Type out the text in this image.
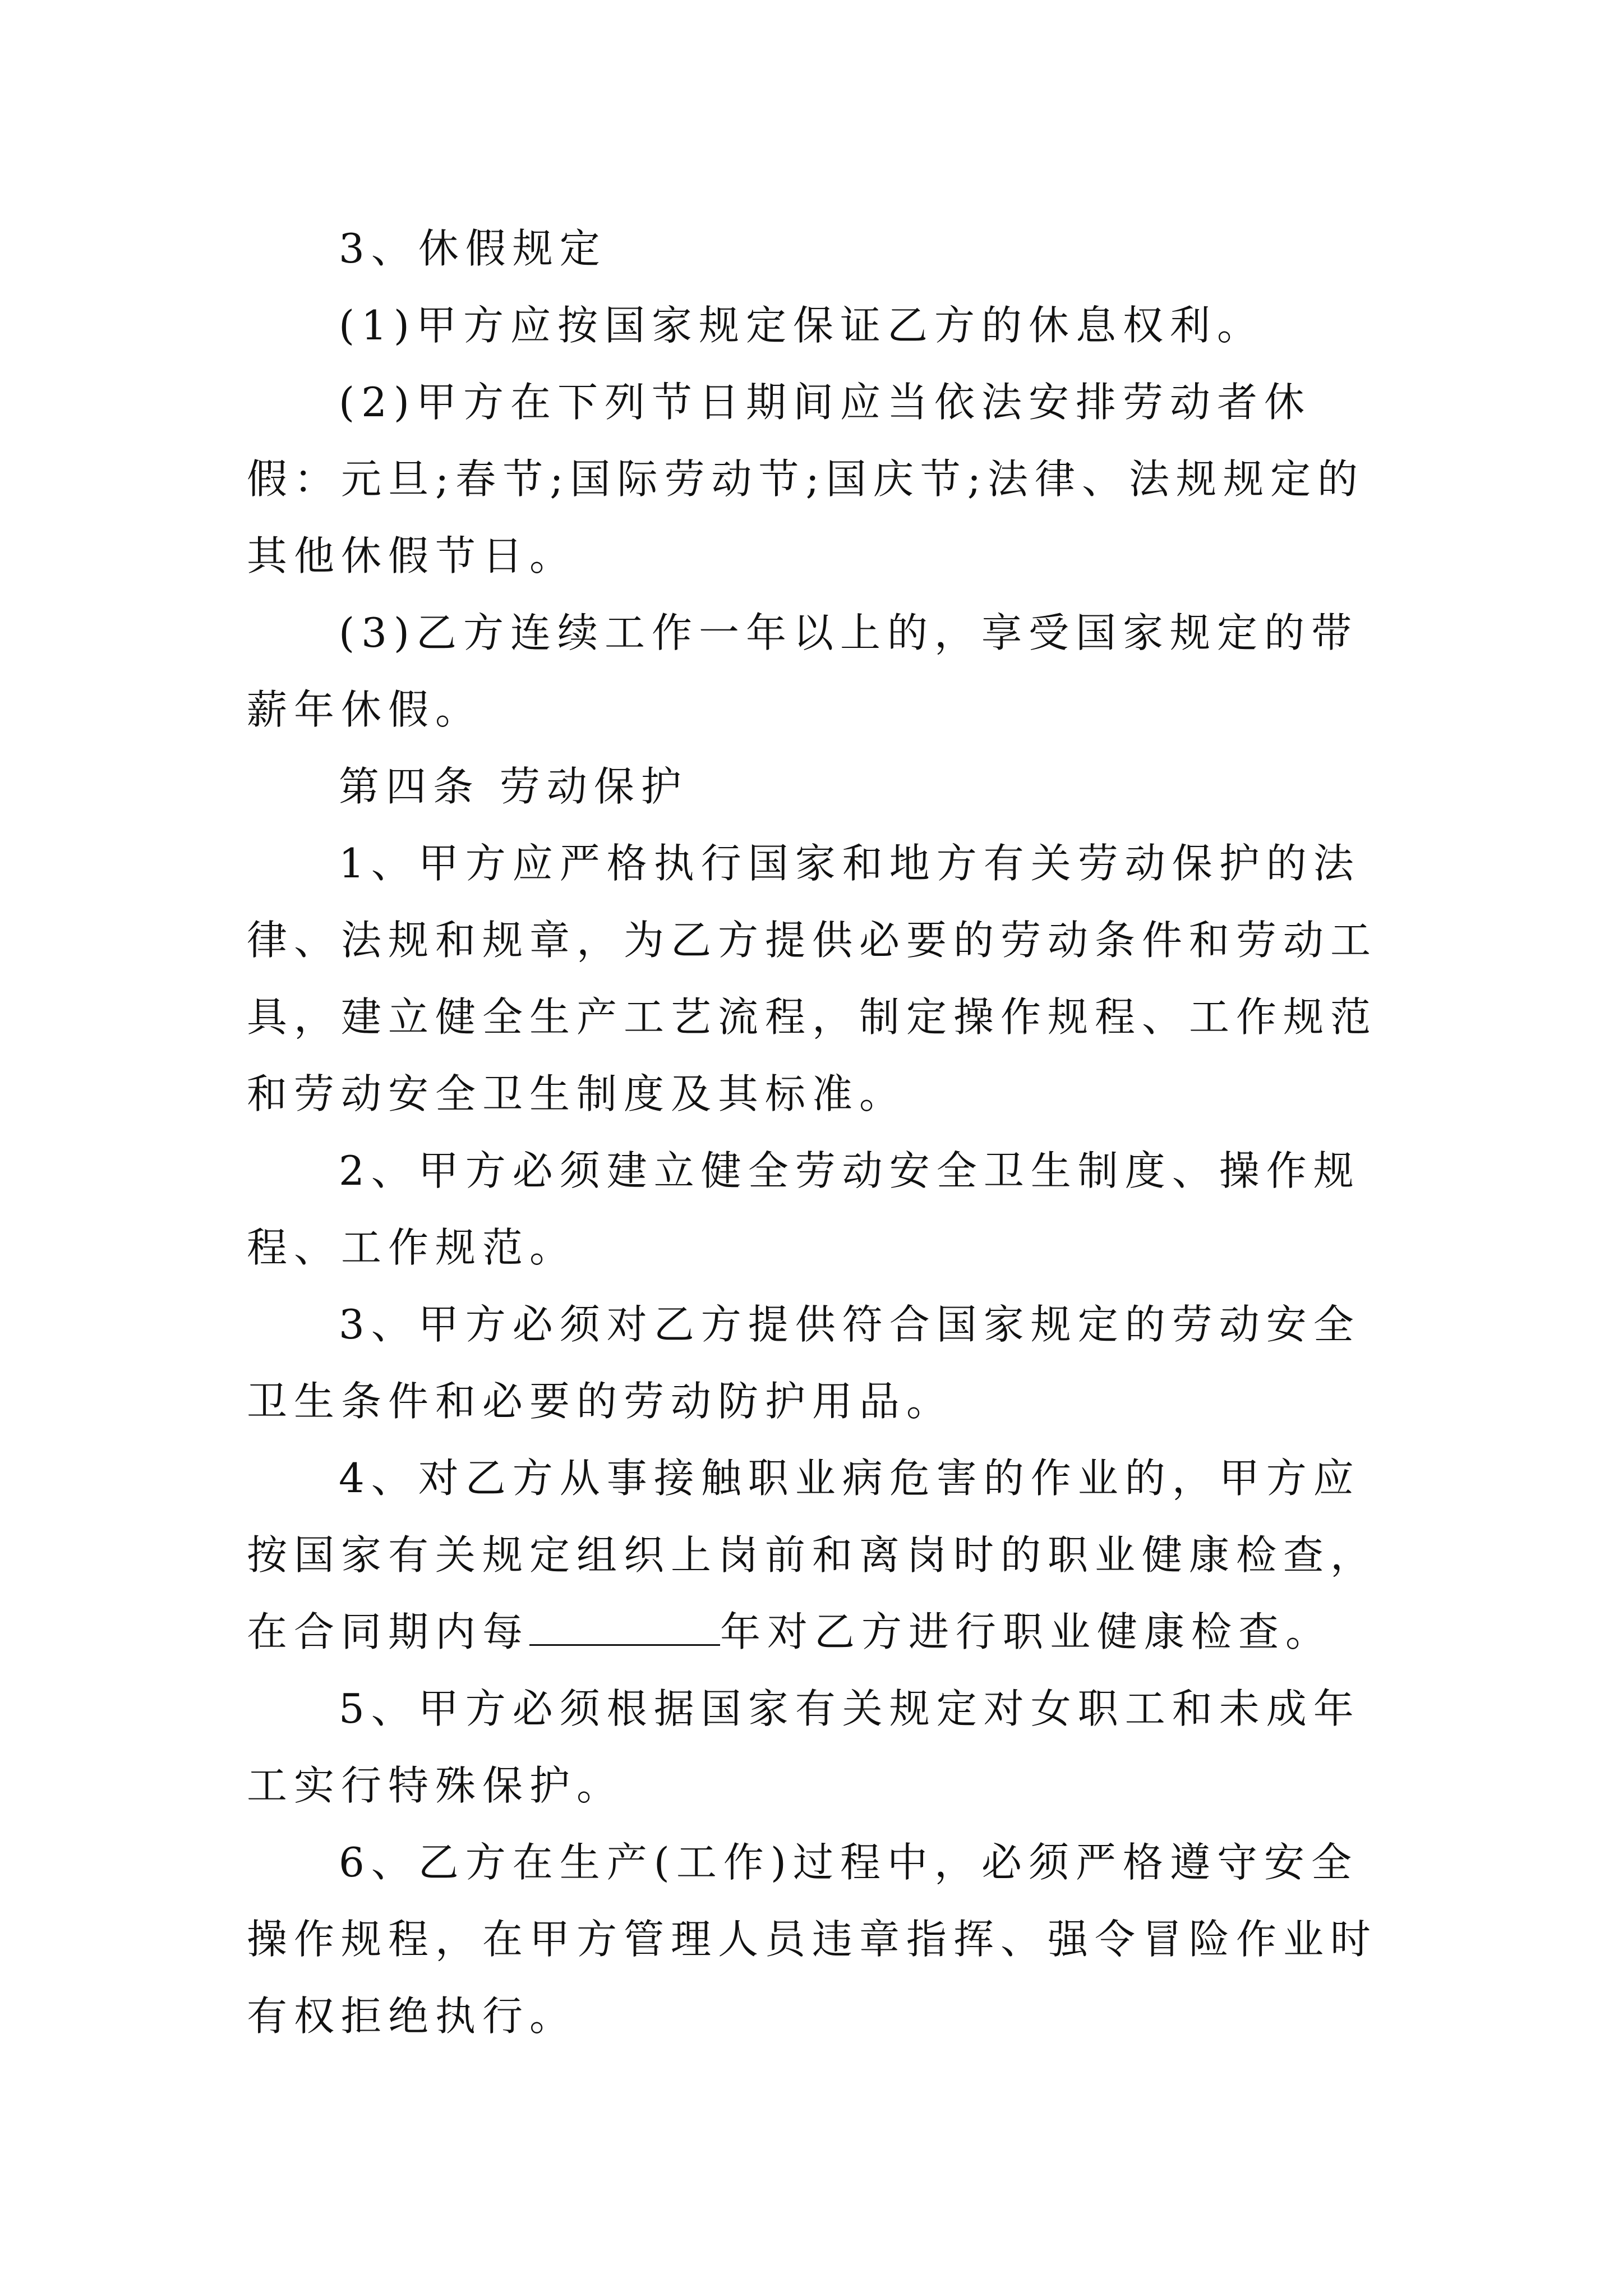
3、休假规定

(1)甲方应按国家规定保证乙方的休息权利。

(2)甲方在下列节日期间应当依法安排劳动者休假：元旦;春节;国际劳动节;国庆节;法律、法规规定的其他休假节日。

(3)乙方连续工作一年以上的，享受国家规定的带薪年休假。

第四条 劳动保护

1、甲方应严格执行国家和地方有关劳动保护的法律、法规和规章，为乙方提供必要的劳动条件和劳动工具，建立健全生产工艺流程，制定操作规程、工作规范和劳动安全卫生制度及其标准。

2、甲方必须建立健全劳动安全卫生制度、操作规程、工作规范。

3、甲方必须对乙方提供符合国家规定的劳动安全卫生条件和必要的劳动防护用品。

4、对乙方从事接触职业病危害的作业的，甲方应按国家有关规定组织上岗前和离岗时的职业健康检查，在合同期内每	年对乙方进行职业健康检查。

5、甲方必须根据国家有关规定对女职工和未成年工实行特殊保护。

6、乙方在生产(工作)过程中，必须严格遵守安全操作规程，在甲方管理人员违章指挥、强令冒险作业时有权拒绝执行。
